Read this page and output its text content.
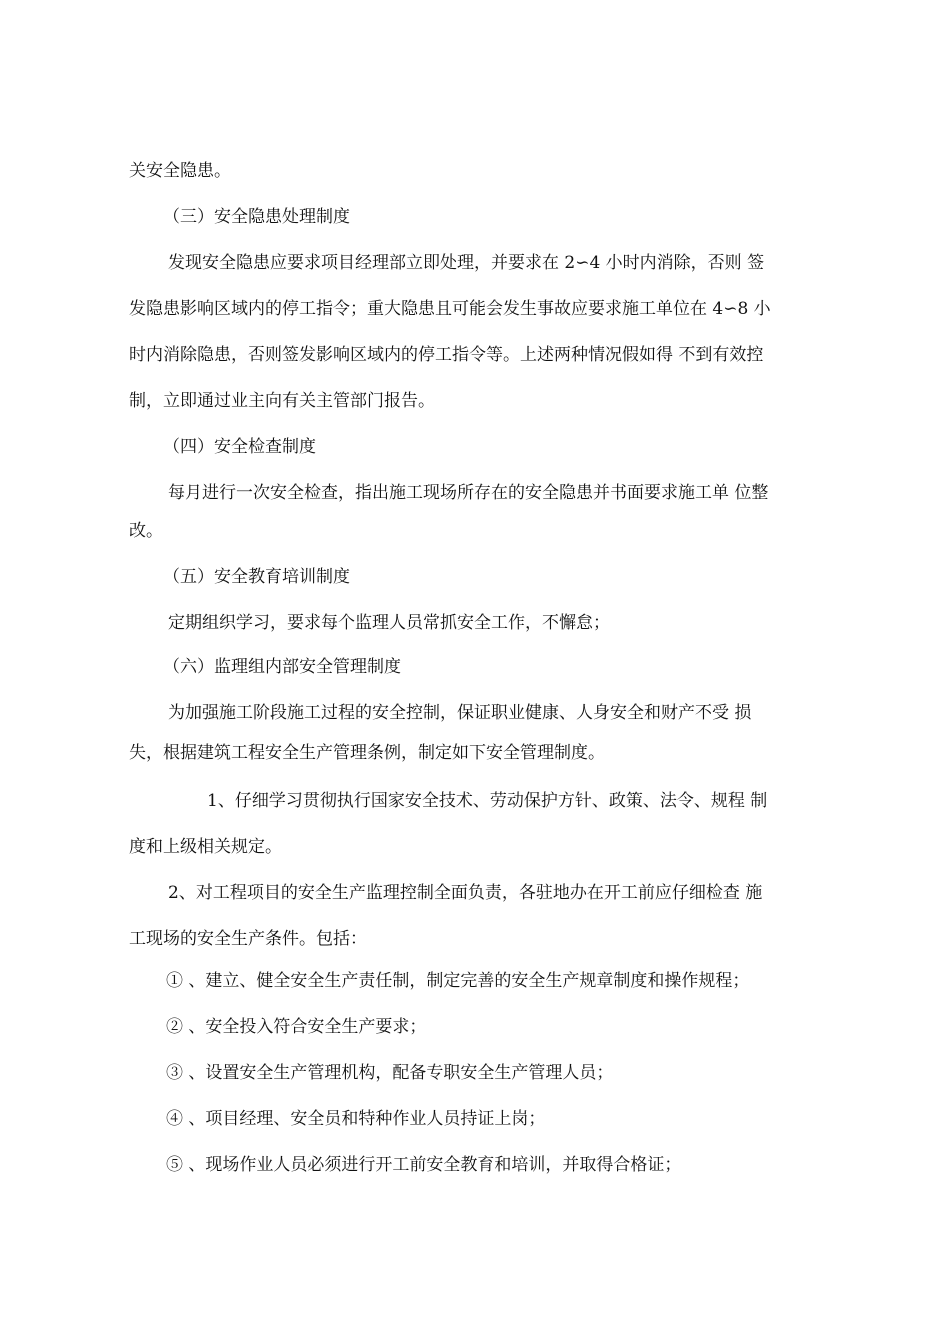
关安全隐患。
（三）安全隐患处理制度
发现安全隐患应要求项目经理部立即处理，并要求在 2∽4 小时内消除，否则 签
发隐患影响区域内的停工指令；重大隐患且可能会发生事故应要求施工单位在 4∽8 小
时内消除隐患，否则签发影响区域内的停工指令等。上述两种情况假如得 不到有效控
制，立即通过业主向有关主管部门报告。
（四）安全检查制度
每月进行一次安全检查，指出施工现场所存在的安全隐患并书面要求施工单 位整
改。
（五）安全教育培训制度
定期组织学习，要求每个监理人员常抓安全工作，不懈怠；
（六）监理组内部安全管理制度
为加强施工阶段施工过程的安全控制，保证职业健康、人身安全和财产不受 损
失，根据建筑工程安全生产管理条例，制定如下安全管理制度。
1、仔细学习贯彻执行国家安全技术、劳动保护方针、政策、法令、规程 制
度和上级相关规定。
2、对工程项目的安全生产监理控制全面负责，各驻地办在开工前应仔细检查 施
工现场的安全生产条件。包括：
① 、建立、健全安全生产责任制，制定完善的安全生产规章制度和操作规程；
② 、安全投入符合安全生产要求；
③ 、设置安全生产管理机构，配备专职安全生产管理人员；
④ 、项目经理、安全员和特种作业人员持证上岗；
⑤ 、现场作业人员必须进行开工前安全教育和培训，并取得合格证；
